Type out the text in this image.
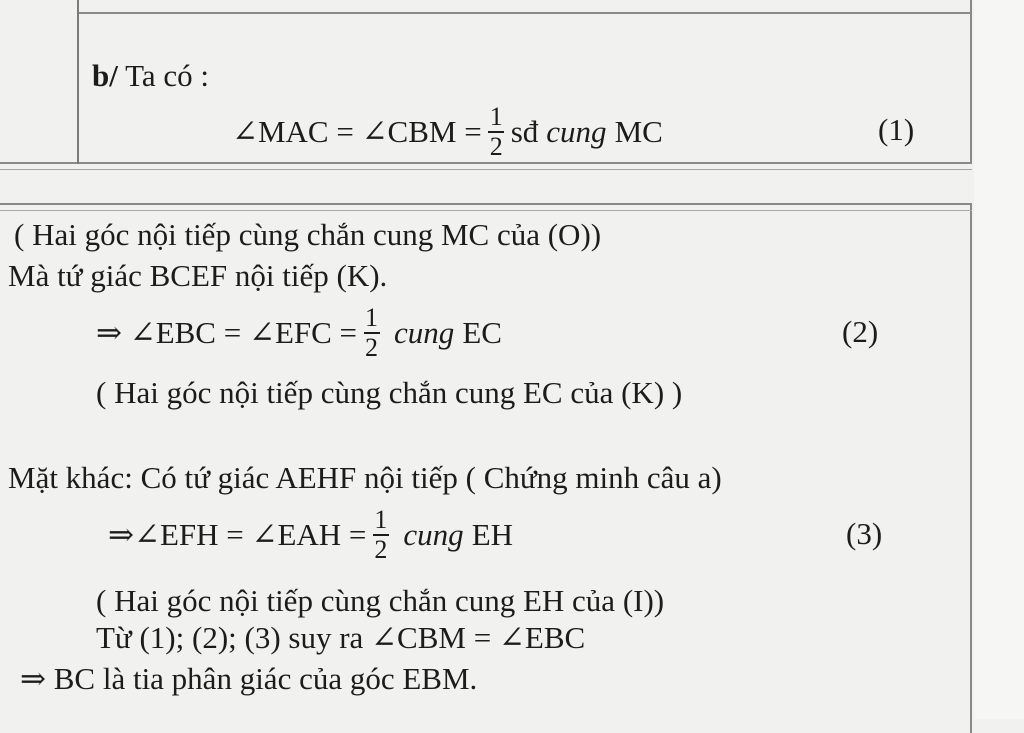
b/ Ta có :
∠MAC = ∠CBM = $\frac{1}{2}$ sđ cung MC	(1)
( Hai góc nội tiếp cùng chắn cung MC của (O))
Mà tứ giác BCEF nội tiếp (K).
⇒ ∠EBC = ∠EFC = $\frac{1}{2}$ cung EC	(2)
( Hai góc nội tiếp cùng chắn cung EC của (K) )
Mặt khác: Có tứ giác AEHF nội tiếp ( Chứng minh câu a)
⇒∠EFH = ∠EAH = $\frac{1}{2}$ cung EH	(3)
( Hai góc nội tiếp cùng chắn cung EH của (I))
Từ (1); (2); (3) suy ra ∠CBM = ∠EBC
⇒ BC là tia phân giác của góc EBM.
